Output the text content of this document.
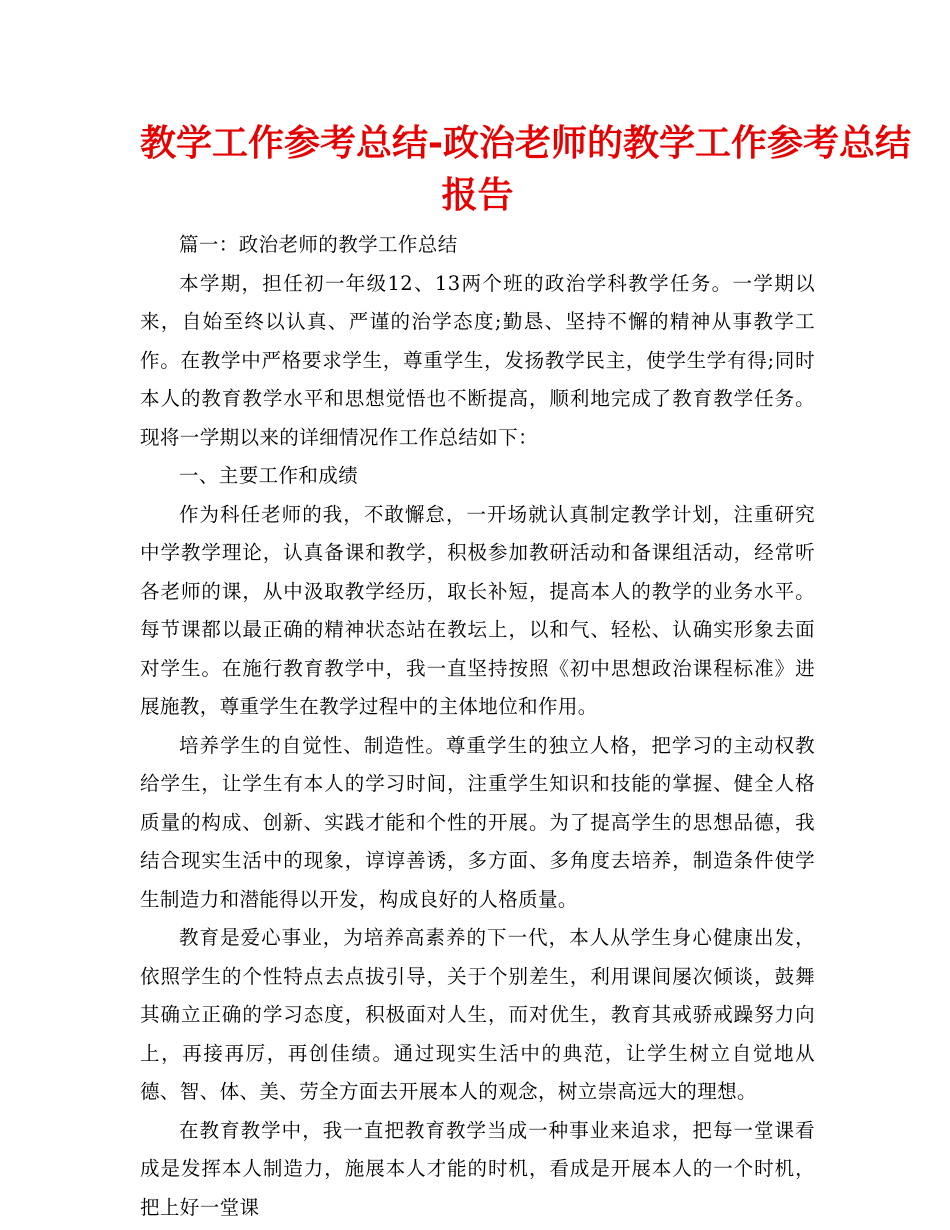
教学工作参考总结-政治老师的教学工作参考总结
报告

篇一：政治老师的教学工作总结

本学期，担任初一年级12、13两个班的政治学科教学任务。一学期以来，自始至终以认真、严谨的治学态度;勤恳、坚持不懈的精神从事教学工作。在教学中严格要求学生，尊重学生，发扬教学民主，使学生学有得;同时本人的教育教学水平和思想觉悟也不断提高，顺利地完成了教育教学任务。现将一学期以来的详细情况作工作总结如下：

一、主要工作和成绩

作为科任老师的我，不敢懈怠，一开场就认真制定教学计划，注重研究中学教学理论，认真备课和教学，积极参加教研活动和备课组活动，经常听各老师的课，从中汲取教学经历，取长补短，提高本人的教学的业务水平。每节课都以最正确的精神状态站在教坛上，以和气、轻松、认确实形象去面对学生。在施行教育教学中，我一直坚持按照《初中思想政治课程标准》进展施教，尊重学生在教学过程中的主体地位和作用。

培养学生的自觉性、制造性。尊重学生的独立人格，把学习的主动权教给学生，让学生有本人的学习时间，注重学生知识和技能的掌握、健全人格质量的构成、创新、实践才能和个性的开展。为了提高学生的思想品德，我结合现实生活中的现象，谆谆善诱，多方面、多角度去培养，制造条件使学生制造力和潜能得以开发，构成良好的人格质量。

教育是爱心事业，为培养高素养的下一代，本人从学生身心健康出发，依照学生的个性特点去点拔引导，关于个别差生，利用课间屡次倾谈，鼓舞其确立正确的学习态度，积极面对人生，而对优生，教育其戒骄戒躁努力向上，再接再厉，再创佳绩。通过现实生活中的典范，让学生树立自觉地从德、智、体、美、劳全方面去开展本人的观念，树立崇高远大的理想。

在教育教学中，我一直把教育教学当成一种事业来追求，把每一堂课看成是发挥本人制造力，施展本人才能的时机，看成是开展本人的一个时机，把上好一堂课
